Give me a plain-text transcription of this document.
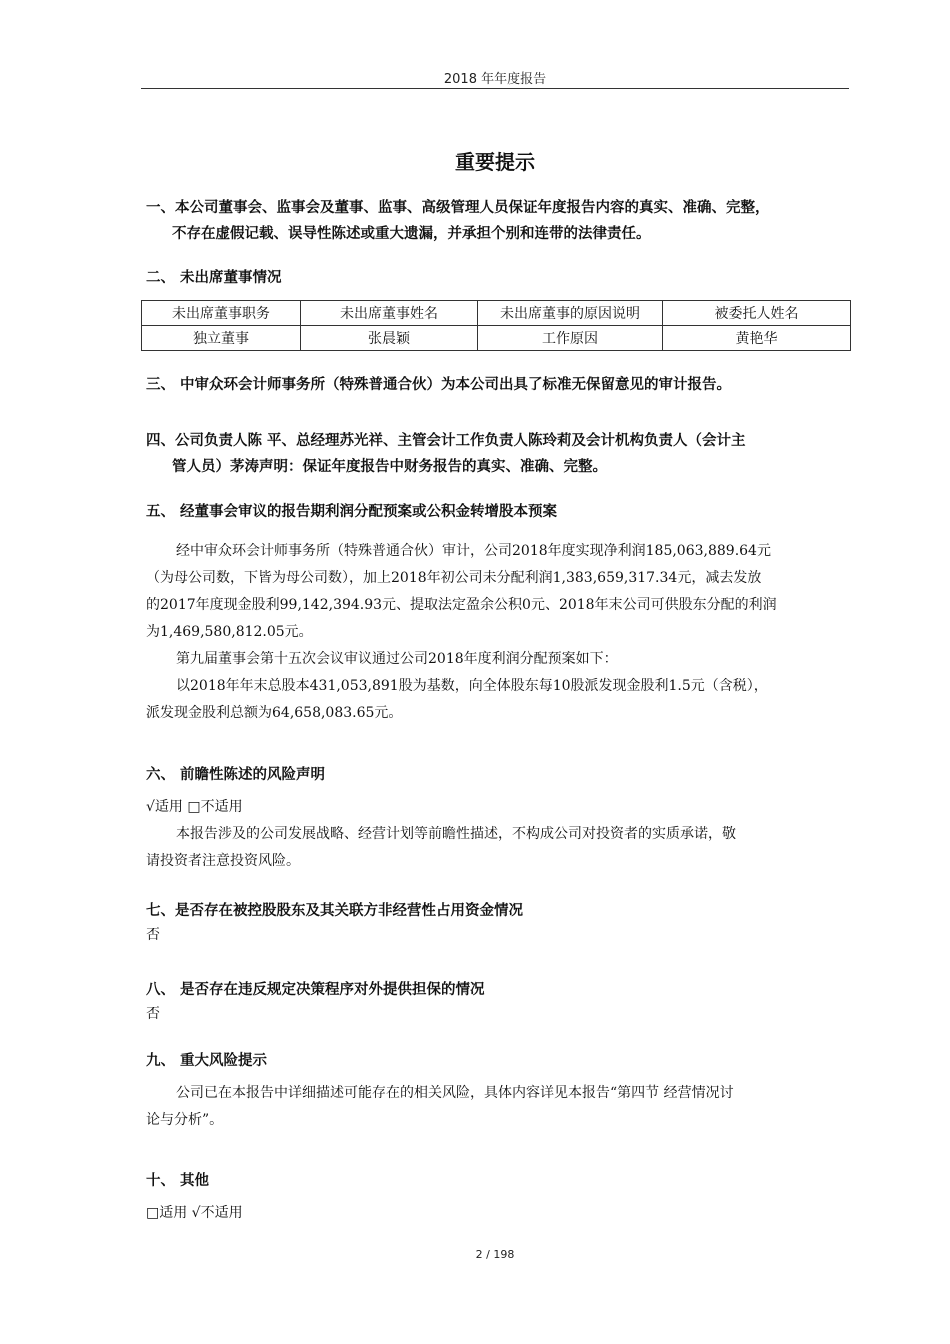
2018 年年度报告
重要提示
一、本公司董事会、监事会及董事、监事、高级管理人员保证年度报告内容的真实、准确、完整，
不存在虚假记载、误导性陈述或重大遗漏，并承担个别和连带的法律责任。
二、 未出席董事情况
未出席董事职务	未出席董事姓名	未出席董事的原因说明	被委托人姓名
独立董事	张晨颖	工作原因	黄艳华
三、 中审众环会计师事务所（特殊普通合伙）为本公司出具了标准无保留意见的审计报告。
四、公司负责人陈 平、总经理苏光祥、主管会计工作负责人陈玲莉及会计机构负责人（会计主
管人员）茅涛声明：保证年度报告中财务报告的真实、准确、完整。
五、 经董事会审议的报告期利润分配预案或公积金转增股本预案
经中审众环会计师事务所（特殊普通合伙）审计，公司2018年度实现净利润185,063,889.64元
（为母公司数，下皆为母公司数），加上2018年初公司未分配利润1,383,659,317.34元，减去发放
的2017年度现金股利99,142,394.93元、提取法定盈余公积0元、2018年末公司可供股东分配的利润
为1,469,580,812.05元。
第九届董事会第十五次会议审议通过公司2018年度利润分配预案如下：
以2018年年末总股本431,053,891股为基数，向全体股东每10股派发现金股利1.5元（含税），
派发现金股利总额为64,658,083.65元。
六、 前瞻性陈述的风险声明
√适用 □不适用
本报告涉及的公司发展战略、经营计划等前瞻性描述，不构成公司对投资者的实质承诺，敬
请投资者注意投资风险。
七、是否存在被控股股东及其关联方非经营性占用资金情况
否
八、 是否存在违反规定决策程序对外提供担保的情况
否
九、 重大风险提示
公司已在本报告中详细描述可能存在的相关风险，具体内容详见本报告“第四节 经营情况讨
论与分析”。
十、 其他
□适用 √不适用
2 / 198
